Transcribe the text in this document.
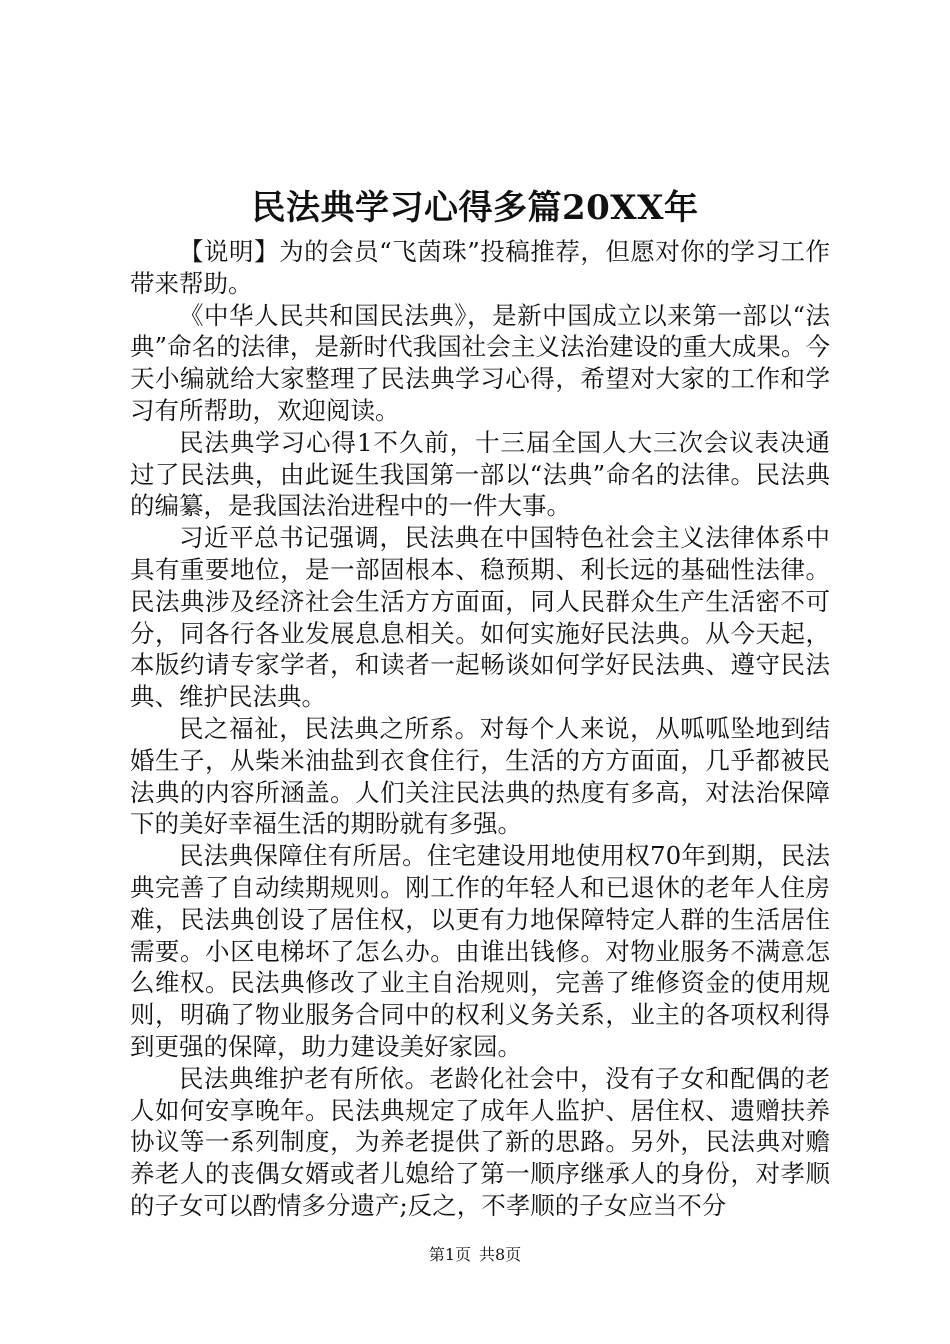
民法典学习心得多篇20XX年

【说明】为的会员“飞茵珠”投稿推荐，但愿对你的学习工作带来帮助。

《中华人民共和国民法典》，是新中国成立以来第一部以“法典”命名的法律，是新时代我国社会主义法治建设的重大成果。今天小编就给大家整理了民法典学习心得，希望对大家的工作和学习有所帮助，欢迎阅读。

民法典学习心得1不久前，十三届全国人大三次会议表决通过了民法典，由此诞生我国第一部以“法典”命名的法律。民法典的编纂，是我国法治进程中的一件大事。

习近平总书记强调，民法典在中国特色社会主义法律体系中具有重要地位，是一部固根本、稳预期、利长远的基础性法律。民法典涉及经济社会生活方方面面，同人民群众生产生活密不可分，同各行各业发展息息相关。如何实施好民法典。从今天起，本版约请专家学者，和读者一起畅谈如何学好民法典、遵守民法典、维护民法典。

民之福祉，民法典之所系。对每个人来说，从呱呱坠地到结婚生子，从柴米油盐到衣食住行，生活的方方面面，几乎都被民法典的内容所涵盖。人们关注民法典的热度有多高，对法治保障下的美好幸福生活的期盼就有多强。

民法典保障住有所居。住宅建设用地使用权70年到期，民法典完善了自动续期规则。刚工作的年轻人和已退休的老年人住房难，民法典创设了居住权，以更有力地保障特定人群的生活居住需要。小区电梯坏了怎么办。由谁出钱修。对物业服务不满意怎么维权。民法典修改了业主自治规则，完善了维修资金的使用规则，明确了物业服务合同中的权利义务关系，业主的各项权利得到更强的保障，助力建设美好家园。

民法典维护老有所依。老龄化社会中，没有子女和配偶的老人如何安享晚年。民法典规定了成年人监护、居住权、遗赠扶养协议等一系列制度，为养老提供了新的思路。另外，民法典对赡养老人的丧偶女婿或者儿媳给了第一顺序继承人的身份，对孝顺的子女可以酌情多分遗产;反之，不孝顺的子女应当不分

第1页 共8页
